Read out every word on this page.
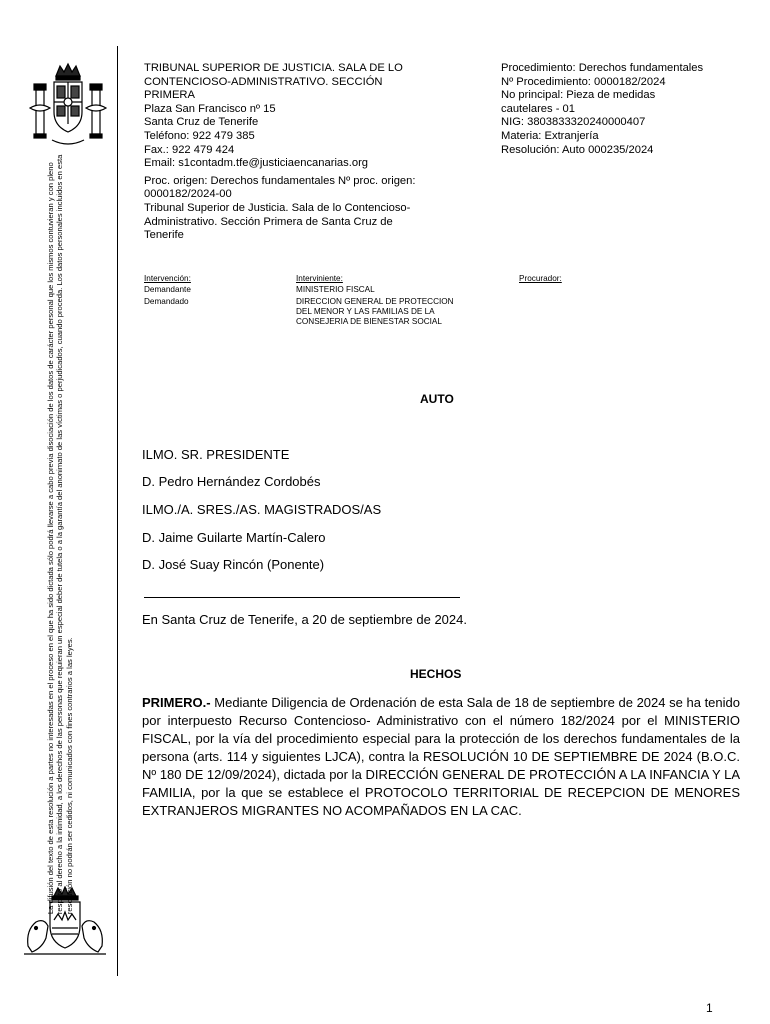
La difusión del texto de esta resolución a partes no interesadas en el proceso en el que ha sido dictada sólo podrá llevarse a cabo previa disociación de los datos de carácter personal que los mismos contuvieran y con pleno respeto al derecho a la intimidad, a los derechos de las personas que requieran un especial deber de tutela o a la garantía del anonimato de las víctimas o perjudicados, cuando proceda. Los datos personales incluidos en esta resolución no podrán ser cedidos, ni comunicados con fines contrarios a las leyes.
TRIBUNAL SUPERIOR DE JUSTICIA. SALA DE LO
CONTENCIOSO-ADMINISTRATIVO. SECCIÓN
PRIMERA
Plaza San Francisco nº 15
Santa Cruz de Tenerife
Teléfono: 922 479 385
Fax.: 922 479 424
Email: s1contadm.tfe@justiciaencanarias.org
Proc. origen: Derechos fundamentales Nº proc. origen:
0000182/2024-00
Tribunal Superior de Justicia. Sala de lo Contencioso-
Administrativo. Sección Primera de Santa Cruz de
Tenerife
Procedimiento: Derechos fundamentales
Nº Procedimiento: 0000182/2024
No principal: Pieza de medidas
cautelares - 01
NIG: 3803833320240000407
Materia: Extranjería
Resolución: Auto 000235/2024
Intervención:	Interviniente:	Procurador:
Demandante	MINISTERIO FISCAL
Demandado	DIRECCION GENERAL DE PROTECCION
DEL MENOR Y LAS FAMILIAS DE LA
CONSEJERIA DE BIENESTAR SOCIAL
AUTO
ILMO. SR. PRESIDENTE
D. Pedro Hernández Cordobés
ILMO./A. SRES./AS. MAGISTRADOS/AS
D. Jaime Guilarte Martín-Calero
D. José Suay Rincón (Ponente)
En Santa Cruz de Tenerife, a 20 de septiembre de 2024.
HECHOS
PRIMERO.- Mediante Diligencia de Ordenación de esta Sala de 18 de septiembre de 2024 se ha tenido por interpuesto Recurso Contencioso- Administrativo con el número 182/2024 por el MINISTERIO FISCAL, por la vía del procedimiento especial para la protección de los derechos fundamentales de la persona (arts. 114 y siguientes LJCA), contra la RESOLUCIÓN 10 DE SEPTIEMBRE DE 2024 (B.O.C. Nº 180 DE 12/09/2024), dictada por la DIRECCIÓN GENERAL DE PROTECCIÓN A LA INFANCIA Y LA FAMILIA, por la que se establece el PROTOCOLO TERRITORIAL DE RECEPCION DE MENORES EXTRANJEROS MIGRANTES NO ACOMPAÑADOS EN LA CAC.
1
